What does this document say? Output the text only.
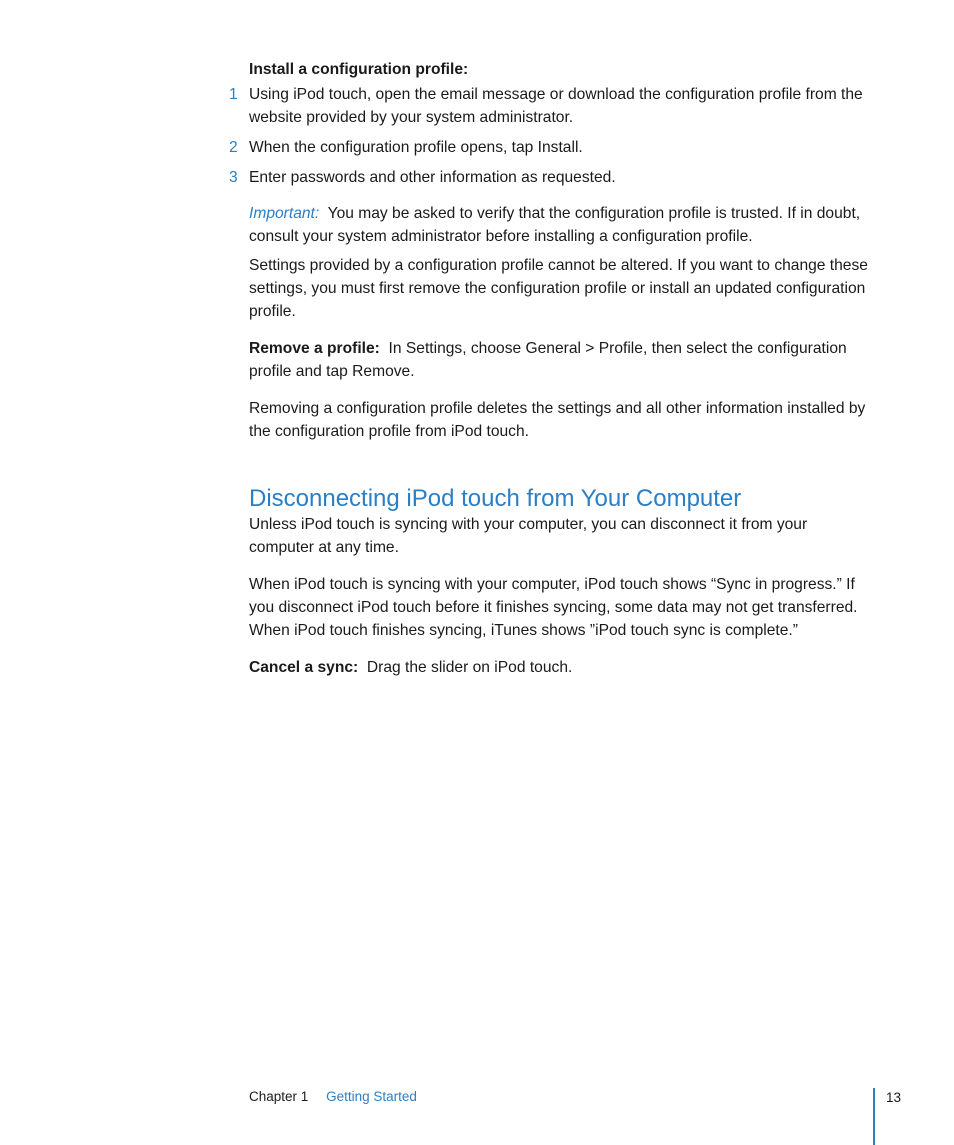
Install a configuration profile:

1 Using iPod touch, open the email message or download the configuration profile from the website provided by your system administrator.
2 When the configuration profile opens, tap Install.
3 Enter passwords and other information as requested.

Important: You may be asked to verify that the configuration profile is trusted. If in doubt, consult your system administrator before installing a configuration profile.

Settings provided by a configuration profile cannot be altered. If you want to change these settings, you must first remove the configuration profile or install an updated configuration profile.

Remove a profile: In Settings, choose General > Profile, then select the configuration profile and tap Remove.

Removing a configuration profile deletes the settings and all other information installed by the configuration profile from iPod touch.

Disconnecting iPod touch from Your Computer

Unless iPod touch is syncing with your computer, you can disconnect it from your computer at any time.

When iPod touch is syncing with your computer, iPod touch shows “Sync in progress.” If you disconnect iPod touch before it finishes syncing, some data may not get transferred. When iPod touch finishes syncing, iTunes shows ”iPod touch sync is complete.”

Cancel a sync: Drag the slider on iPod touch.

Chapter 1 Getting Started	13
